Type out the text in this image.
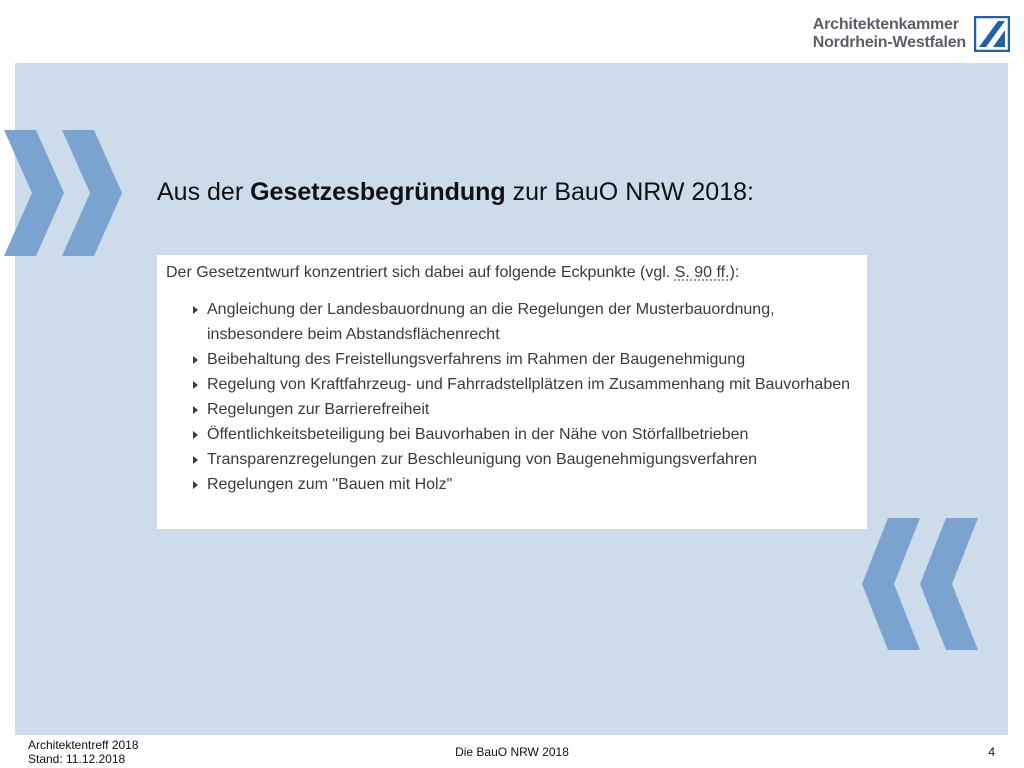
Architektenkammer
Nordrhein-Westfalen
Aus der Gesetzesbegründung zur BauO NRW 2018:
Der Gesetzentwurf konzentriert sich dabei auf folgende Eckpunkte (vgl. S. 90 ff.):
Angleichung der Landesbauordnung an die Regelungen der Musterbauordnung,
insbesondere beim Abstandsflächenrecht
Beibehaltung des Freistellungsverfahrens im Rahmen der Baugenehmigung
Regelung von Kraftfahrzeug- und Fahrradstellplätzen im Zusammenhang mit Bauvorhaben
Regelungen zur Barrierefreiheit
Öffentlichkeitsbeteiligung bei Bauvorhaben in der Nähe von Störfallbetrieben
Transparenzregelungen zur Beschleunigung von Baugenehmigungsverfahren
Regelungen zum "Bauen mit Holz"
Architektentreff 2018
Stand: 11.12.2018	Die BauO NRW 2018	4
